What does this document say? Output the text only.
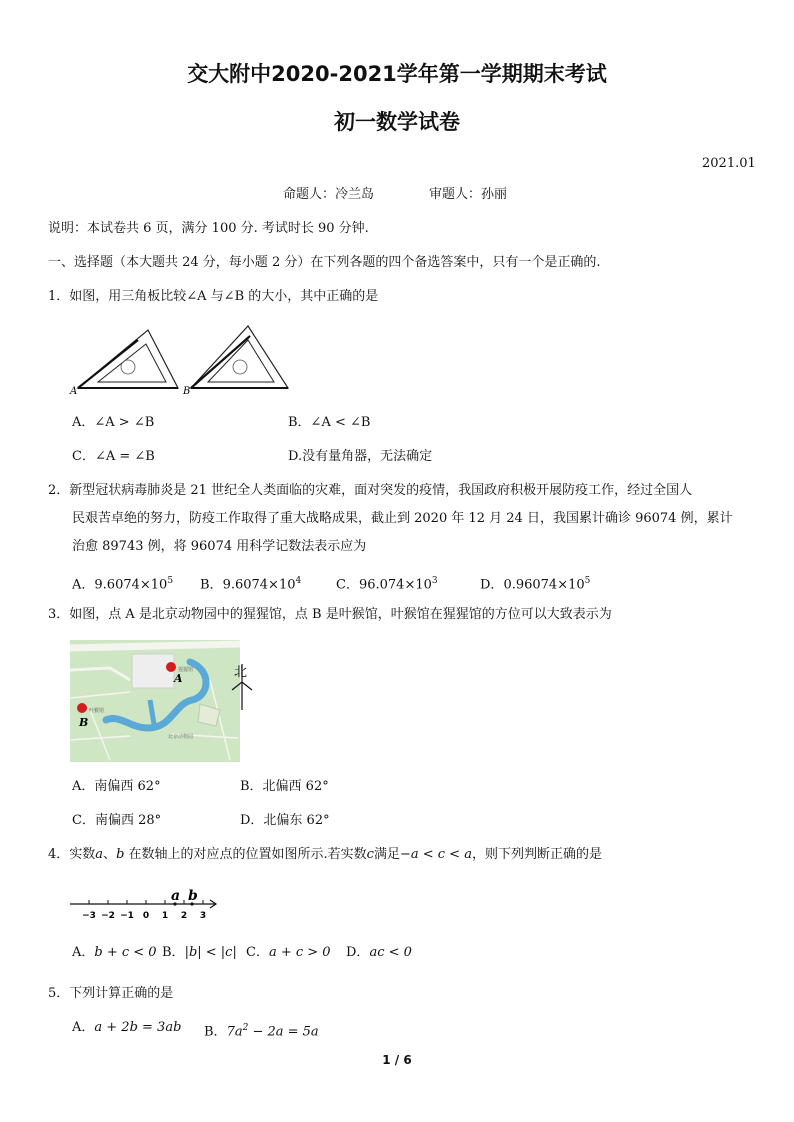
交大附中2020-2021学年第一学期期末考试
初一数学试卷
2021.01
命题人：冷兰岛	审题人：孙丽
说明：本试卷共 6 页，满分 100 分. 考试时长 90 分钟.
一、选择题（本大题共 24 分，每小题 2 分）在下列各题的四个备选答案中，只有一个是正确的.
1．如图，用三角板比较∠A 与∠B 的大小，其中正确的是
A	B
A．∠A > ∠B	B．∠A < ∠B
C．∠A = ∠B	D.没有量角器，无法确定
2．新型冠状病毒肺炎是 21 世纪全人类面临的灾难，面对突发的疫情，我国政府积极开展防疫工作，经过全国人
民艰苦卓绝的努力，防疫工作取得了重大战略成果，截止到 2020 年 12 月 24 日，我国累计确诊 96074 例，累计
治愈 89743 例，将 96074 用科学记数法表示应为
A．$9.6074\times 10^5$ B．$9.6074\times 10^4$	C．$96.074\times 10^3$	D．$0.96074\times 10^5$
3．如图，点 A 是北京动物园中的猩猩馆，点 B 是叶猴馆，叶猴馆在猩猩馆的方位可以大致表示为
猩猩馆
叶猴馆
A
B
北京动物园
北
A．南偏西 62°	B．北偏西 62°
C．南偏西 28°	D．北偏东 62°
4．实数a、b 在数轴上的对应点的位置如图所示.若实数c满足−a < c < a，则下列判断正确的是
a b
−3 −2 −1 0 1 2 3
A．b + c < 0 B．|b| < |c| C．a + c > 0 D．ac < 0
5．下列计算正确的是
A．a + 2b = 3ab B．$7a^2 - 2a = 5a$
1 / 6
